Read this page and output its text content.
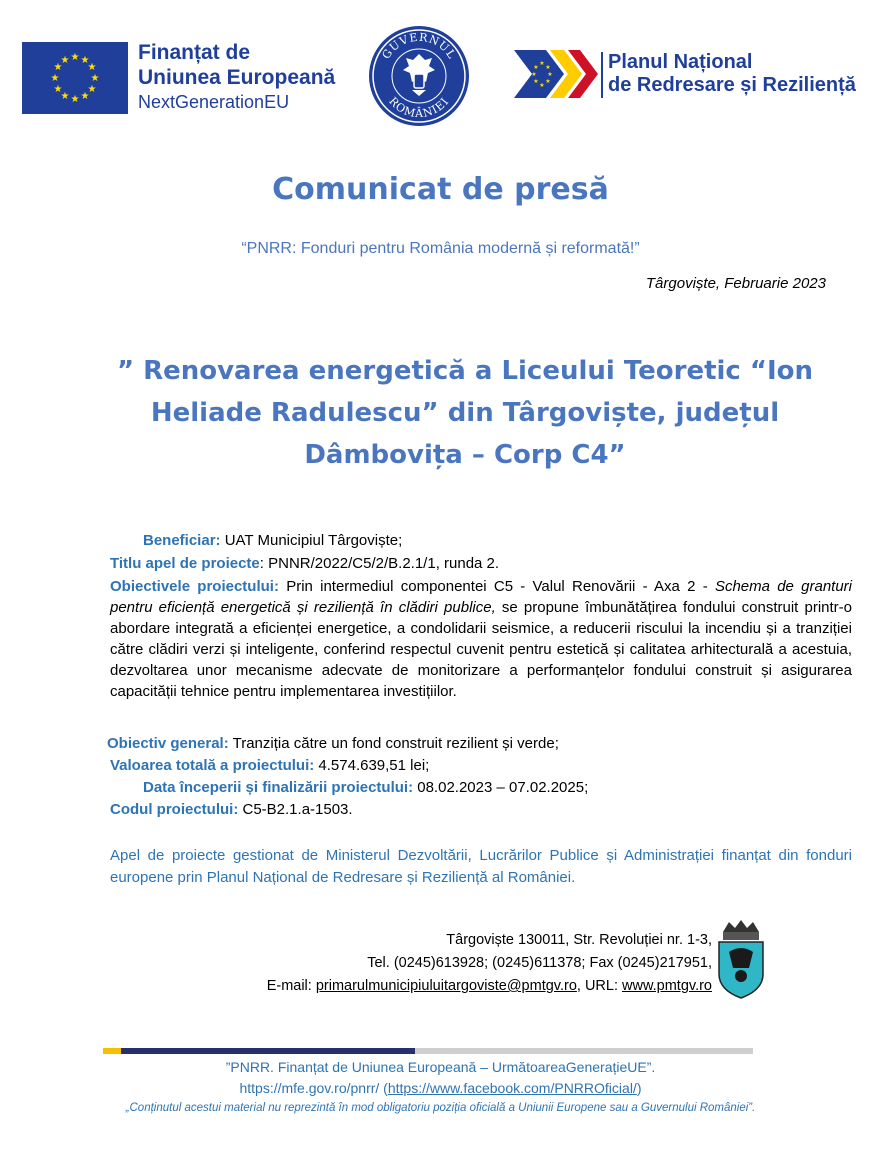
★ ★
★
★
★
★
★
★
★
★
★
★	Finanțat de
Uniunea Europeană
NextGenerationEU
GUVERNUL
ROMÂNIEI
★
★
★
★
★
★
★
★	Planul Național
de Redresare și Reziliență
Comunicat de presă
“PNRR: Fonduri pentru România modernă și reformată!”
Târgoviște, Februarie 2023
” Renovarea energetică a Liceului Teoretic “Ion Heliade Radulescu” din Târgoviște, județul Dâmbovița – Corp C4”
Beneficiar: UAT Municipiul Târgoviște;
Titlu apel de proiecte: PNNR/2022/C5/2/B.2.1/1, runda 2.
Obiectivele proiectului: Prin intermediul componentei C5 - Valul Renovării - Axa 2 - Schema de granturi pentru eficiență energetică și reziliență în clădiri publice, se propune îmbunătățirea fondului construit printr-o abordare integrată a eficienței energetice, a condolidarii seismice, a reducerii riscului la incendiu și a tranziției către clădiri verzi și inteligente, conferind respectul cuvenit pentru estetică și calitatea arhitecturală a acestuia, dezvoltarea unor mecanisme adecvate de monitorizare a performanțelor fondului construit și asigurarea capacității tehnice pentru implementarea investițiilor.
Obiectiv general: Tranziția către un fond construit rezilient și verde;
Valoarea totală a proiectului: 4.574.639,51 lei;
Data începerii și finalizării proiectului: 08.02.2023 – 07.02.2025;
Codul proiectului: C5-B2.1.a-1503.
Apel de proiecte gestionat de Ministerul Dezvoltării, Lucrărilor Publice și Administrației finanțat din fonduri europene prin Planul Național de Redresare și Reziliență al României.
Târgoviște 130011, Str. Revoluției nr. 1-3,
Tel. (0245)613928; (0245)611378; Fax (0245)217951,
E-mail: primarulmunicipiuluitargoviste@pmtgv.ro, URL: www.pmtgv.ro
”PNRR. Finanțat de Uniunea Europeană – UrmătoareaGenerațieUE”.
https://mfe.gov.ro/pnrr/ (https://www.facebook.com/PNRROficial/)
„Conținutul acestui material nu reprezintă în mod obligatoriu poziția oficială a Uniunii Europene sau a Guvernului României”.
